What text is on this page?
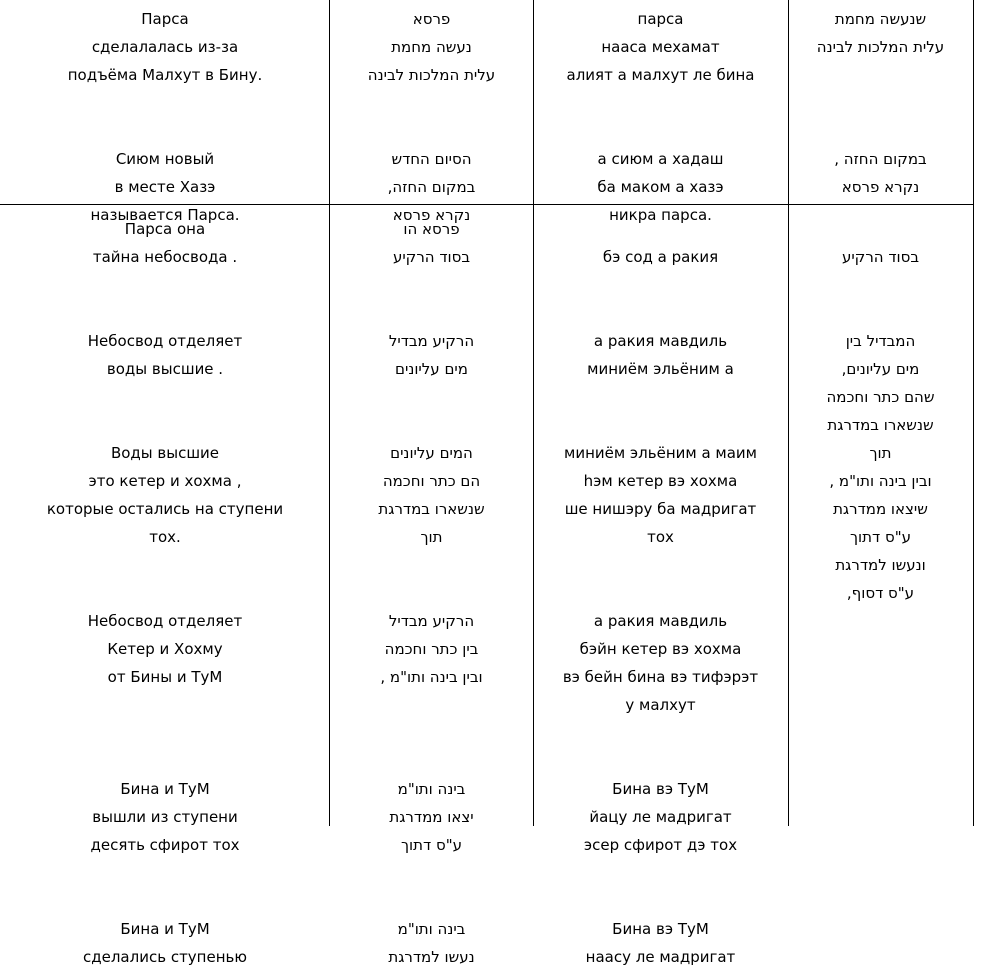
Парса
сделалалась из-за
подъёма Малхут в Бину.
Сиюм новый
в месте Хазэ
называется Парса.
פרסא
נעשה מחמת
עלית המלכות לבינה
הסיום החדש
במקום החזה,
נקרא פרסא
парса
нааса мехамат
алият а малхут ле бина
а сиюм а хадаш
ба маком а хазэ
никра парса.
שנעשה מחמת
עלית המלכות לבינה
במקום החזה ,
נקרא פרסא
Парса она
тайна небосвода .
Небосвод отделяет
воды высшие .
Воды высшие
это кетер и хохма ,
которые остались на ступени
тох.
Небосвод отделяет
Кетер и Хохму
от Бины и ТуМ
Бина и ТуМ
вышли из ступени
десять сфирот тох
Бина и ТуМ
сделались ступенью
פרסא הו
בסוד הרקיע
הרקיע מבדיל
מים עליונים
המים עליונים
הם כתר וחכמה
שנשארו במדרגת
תוך
הרקיע מבדיל
בין כתר וחכמה
ובין בינה ותו"מ ,
בינה ותו"מ
יצאו ממדרגת
ע"ס דתוך
בינה ותו"מ
נעשו למדרגת
бэ сод а ракия
а ракия мавдиль
миниём эльёним а
миниём эльёним а маим
hэм кетер вэ хохма
ше нишэру ба мадригат
тох
а ракия мавдиль
бэйн кетер вэ хохма
вэ бейн бина вэ тифэрэт
у малхут
Бина вэ ТуМ
йацу ле мадригат
эсер сфирот дэ тох
Бина вэ ТуМ
наасу ле мадригат
בסוד הרקיע
המבדיל בין
מים עליונים,
שהם כתר וחכמה
שנשארו במדרגת
תוך
ובין בינה ותו"מ ,
שיצאו ממדרגת
ע"ס דתוך
ונעשו למדרגת
ע"ס דסוף,
